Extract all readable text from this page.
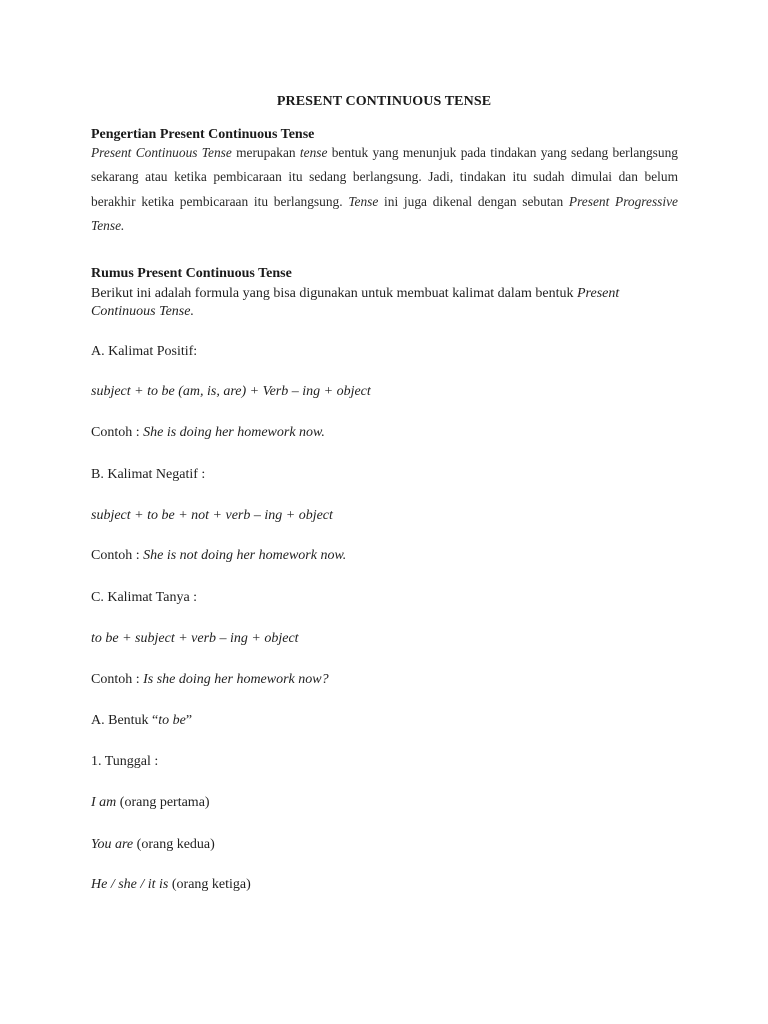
PRESENT CONTINUOUS TENSE
Pengertian Present Continuous Tense
Present Continuous Tense merupakan tense bentuk yang menunjuk pada tindakan yang sedang berlangsung sekarang atau ketika pembicaraan itu sedang berlangsung. Jadi, tindakan itu sudah dimulai dan belum berakhir ketika pembicaraan itu berlangsung. Tense ini juga dikenal dengan sebutan Present Progressive Tense.
Rumus Present Continuous Tense
Berikut ini adalah formula yang bisa digunakan untuk membuat kalimat dalam bentuk Present Continuous Tense.
A. Kalimat Positif:
subject + to be (am, is, are) + Verb – ing + object
Contoh : She is doing her homework now.
B. Kalimat Negatif :
subject + to be + not + verb – ing + object
Contoh : She is not doing her homework now.
C. Kalimat Tanya :
to be + subject + verb – ing + object
Contoh : Is she doing her homework now?
A. Bentuk “to be”
1. Tunggal :
I am (orang pertama)
You are (orang kedua)
He / she / it is (orang ketiga)
